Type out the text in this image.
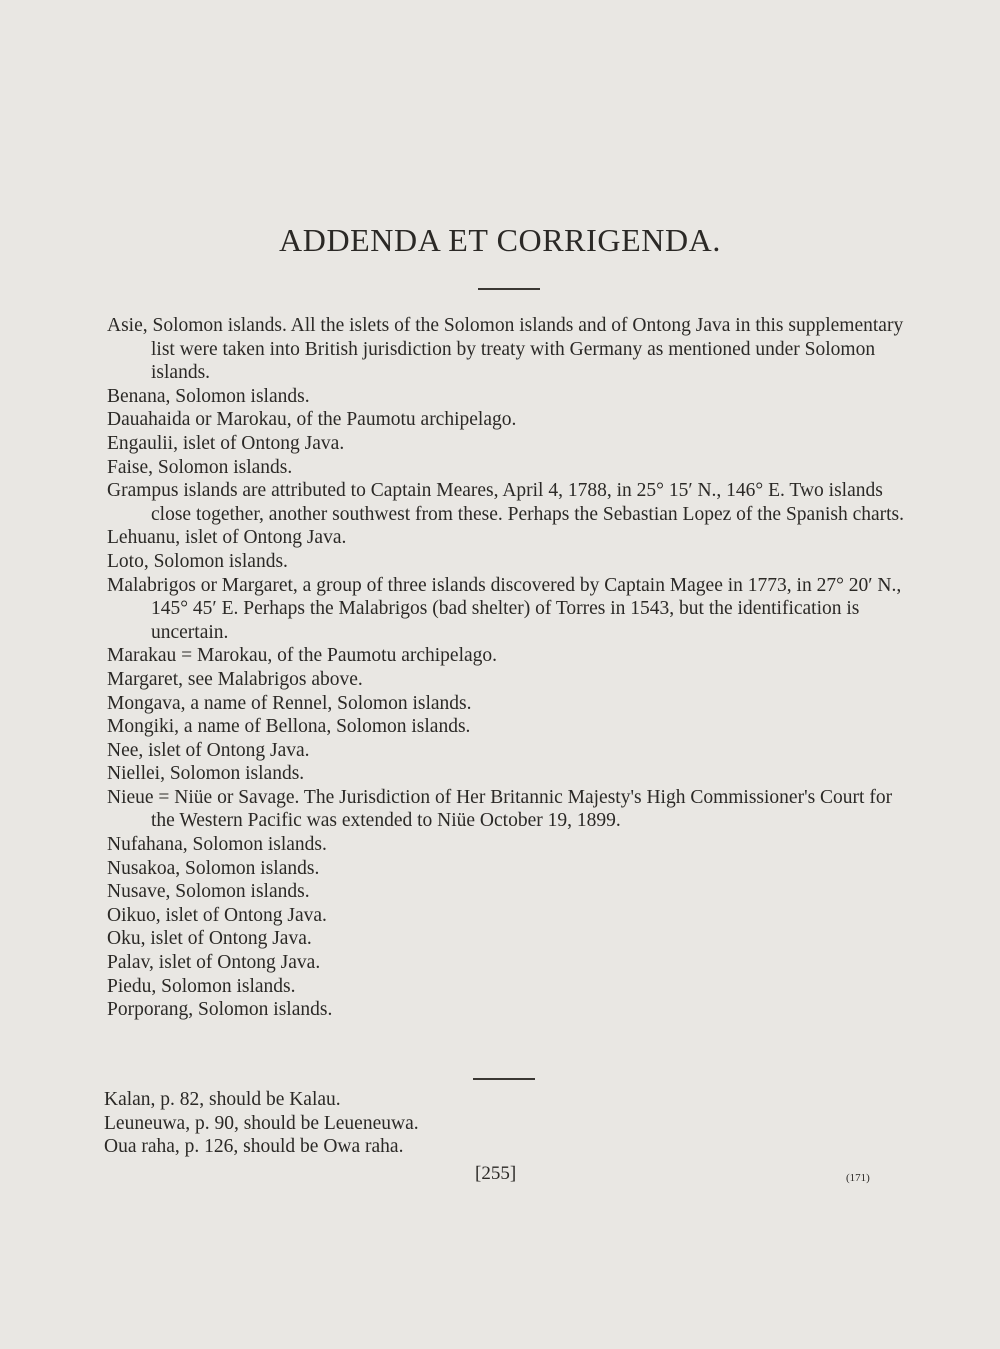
ADDENDA ET CORRIGENDA.
Asie, Solomon islands. All the islets of the Solomon islands and of Ontong Java in this supplementary list were taken into British jurisdiction by treaty with Germany as mentioned under Solomon islands.
Benana, Solomon islands.
Dauahaida or Marokau, of the Paumotu archipelago.
Engaulii, islet of Ontong Java.
Faise, Solomon islands.
Grampus islands are attributed to Captain Meares, April 4, 1788, in 25° 15′ N., 146° E. Two islands close together, another southwest from these. Perhaps the Sebastian Lopez of the Spanish charts.
Lehuanu, islet of Ontong Java.
Loto, Solomon islands.
Malabrigos or Margaret, a group of three islands discovered by Captain Magee in 1773, in 27° 20′ N., 145° 45′ E. Perhaps the Malabrigos (bad shelter) of Torres in 1543, but the identification is uncertain.
Marakau = Marokau, of the Paumotu archipelago.
Margaret, see Malabrigos above.
Mongava, a name of Rennel, Solomon islands.
Mongiki, a name of Bellona, Solomon islands.
Nee, islet of Ontong Java.
Niellei, Solomon islands.
Nieue = Niüe or Savage. The Jurisdiction of Her Britannic Majesty's High Commissioner's Court for the Western Pacific was extended to Niüe October 19, 1899.
Nufahana, Solomon islands.
Nusakoa, Solomon islands.
Nusave, Solomon islands.
Oikuo, islet of Ontong Java.
Oku, islet of Ontong Java.
Palav, islet of Ontong Java.
Piedu, Solomon islands.
Porporang, Solomon islands.
Kalan, p. 82, should be Kalau.
Leuneuwa, p. 90, should be Leueneuwa.
Oua raha, p. 126, should be Owa raha.
[255]	(171)
